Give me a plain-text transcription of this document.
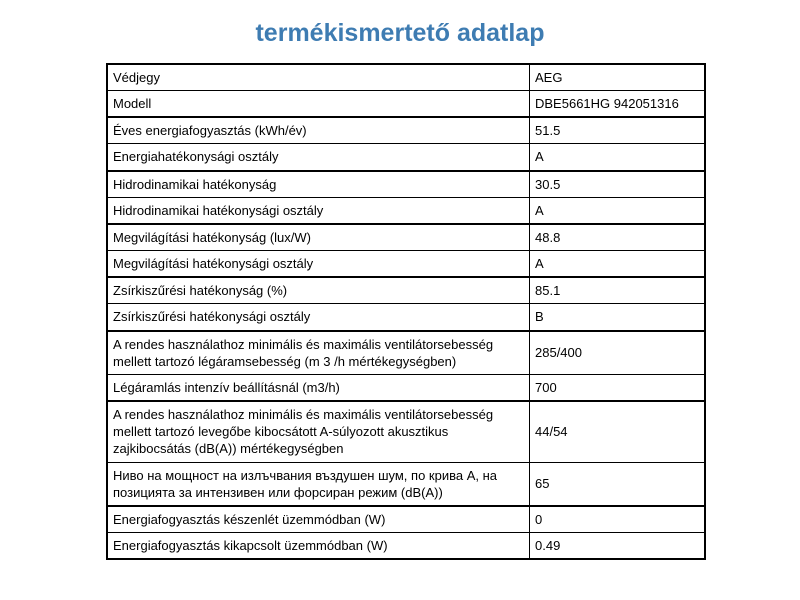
termékismertető adatlap
Védjegy	AEG
Modell	DBE5661HG 942051316
Éves energiafogyasztás (kWh/év)	51.5
Energiahatékonysági osztály	A
Hidrodinamikai hatékonyság	30.5
Hidrodinamikai hatékonysági osztály	A
Megvilágítási hatékonyság (lux/W)	48.8
Megvilágítási hatékonysági osztály	A
Zsírkiszűrési hatékonyság (%)	85.1
Zsírkiszűrési hatékonysági osztály	B
A rendes használathoz minimális és maximális ventilátorsebesség mellett tartozó légáramsebesség (m 3 /h mértékegységben)	285/400
Légáramlás intenzív beállításnál (m3/h)	700
A rendes használathoz minimális és maximális ventilátorsebesség mellett tartozó levegőbe kibocsátott A-súlyozott akusztikus zajkibocsátás (dB(A)) mértékegységben	44/54
Ниво на мощност на излъчвания въздушен шум, по крива А, на позицията за интензивен или форсиран режим (dB(A))	65
Energiafogyasztás készenlét üzemmódban (W)	0
Energiafogyasztás kikapcsolt üzemmódban (W)	0.49
